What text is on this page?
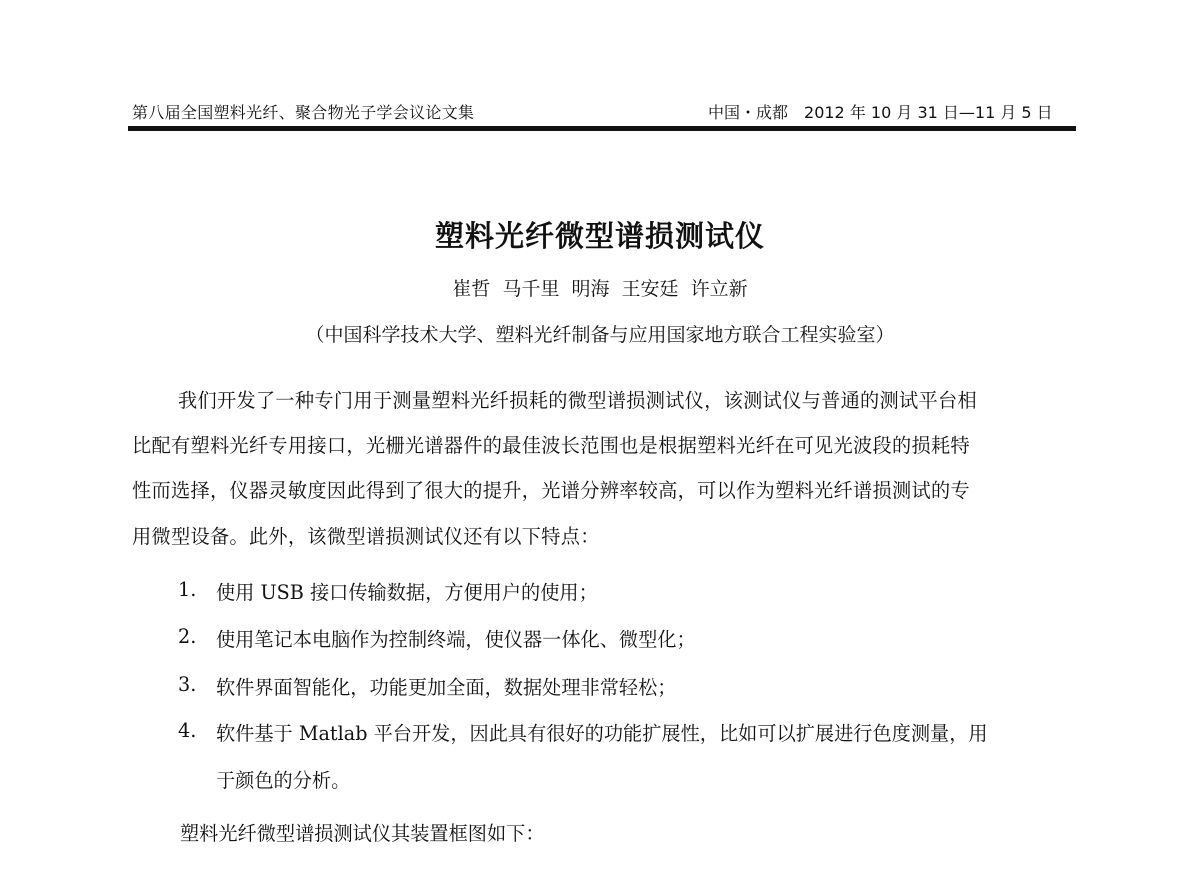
第八届全国塑料光纤、聚合物光子学会议论文集	中国・成都 2012 年 10 月 31 日—11 月 5 日
塑料光纤微型谱损测试仪
崔哲 马千里 明海 王安廷 许立新
（中国科学技术大学、塑料光纤制备与应用国家地方联合工程实验室）
我们开发了一种专门用于测量塑料光纤损耗的微型谱损测试仪，该测试仪与普通的测试平台相
比配有塑料光纤专用接口，光栅光谱器件的最佳波长范围也是根据塑料光纤在可见光波段的损耗特
性而选择，仪器灵敏度因此得到了很大的提升，光谱分辨率较高，可以作为塑料光纤谱损测试的专
用微型设备。此外，该微型谱损测试仪还有以下特点：
1. 使用 USB 接口传输数据，方便用户的使用；
2. 使用笔记本电脑作为控制终端，使仪器一体化、微型化；
3. 软件界面智能化，功能更加全面，数据处理非常轻松；
4. 软件基于 Matlab 平台开发，因此具有很好的功能扩展性，比如可以扩展进行色度测量，用
于颜色的分析。
塑料光纤微型谱损测试仪其装置框图如下：
